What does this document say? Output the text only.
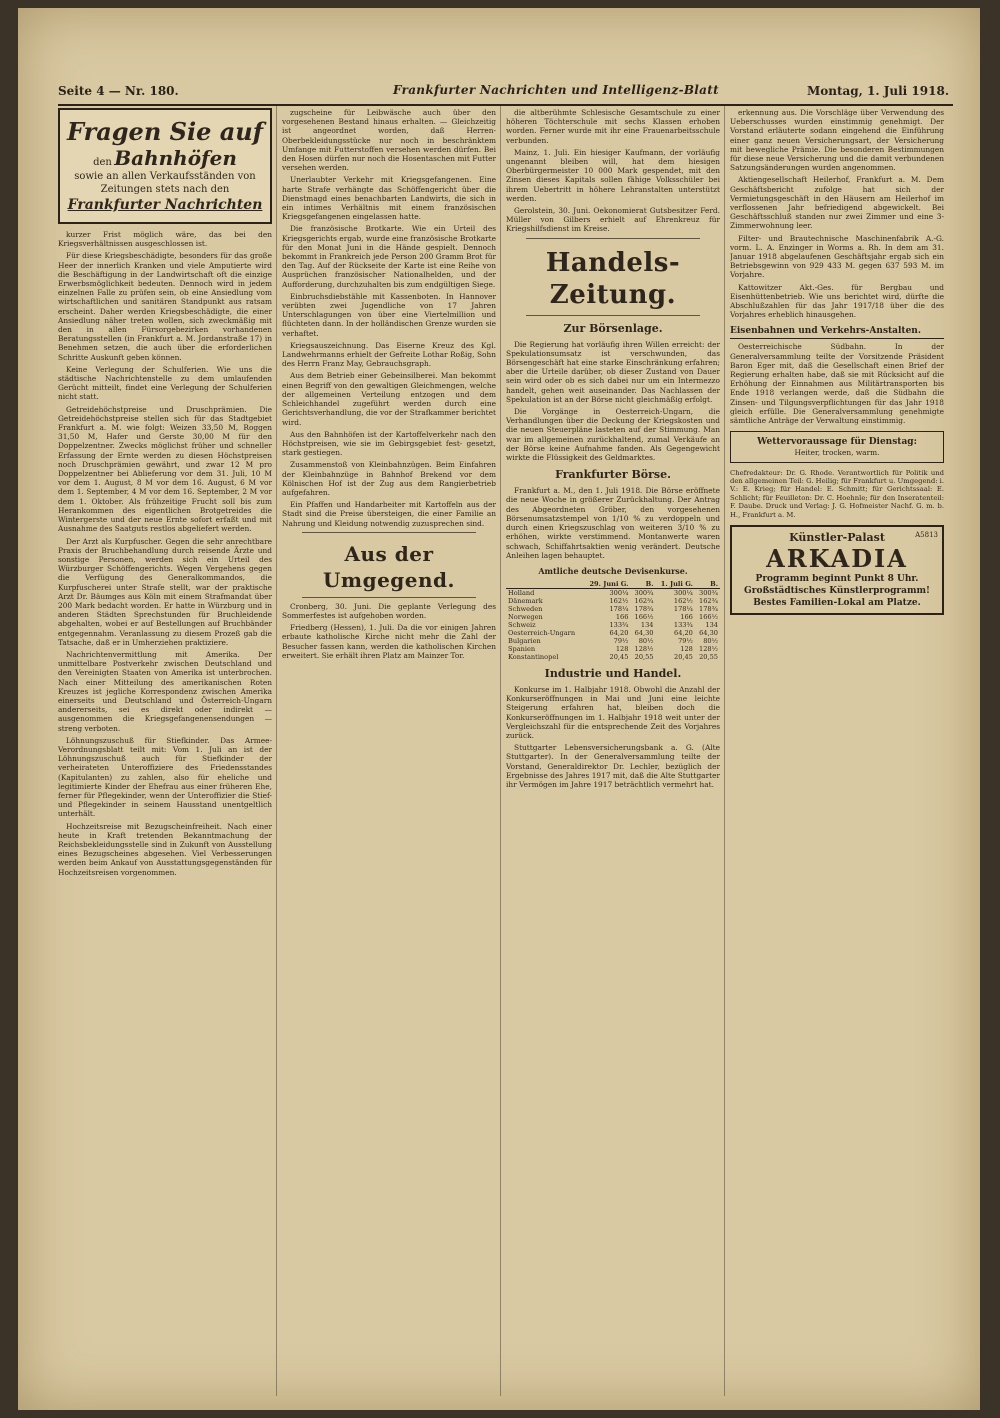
Seite 4 — Nr. 180.	Frankfurter Nachrichten und Intelligenz-Blatt	Montag, 1. Juli 1918.
Fragen Sie auf
den Bahnhöfen
sowie an allen Verkaufsständen von Zeitungen stets nach den
Frankfurter Nachrichten

kurzer Frist möglich wäre, das bei den Kriegsverhältnissen ausgeschlossen ist.

Für diese Kriegsbeschädigte, besonders für das große Heer der innerlich Kranken und viele Amputierte wird die Beschäftigung in der Landwirtschaft oft die einzige Erwerbsmöglichkeit bedeuten. Dennoch wird in jedem einzelnen Falle zu prüfen sein, ob eine Ansiedlung vom wirtschaftlichen und sanitären Standpunkt aus ratsam erscheint. Daher werden Kriegsbeschädigte, die einer Ansiedlung näher treten wollen, sich zweckmäßig mit den in allen Fürsorgebezirken vorhandenen Beratungsstellen (in Frankfurt a. M. Jordanstraße 17) in Benehmen setzen, die auch über die erforderlichen Schritte Auskunft geben können.

Keine Verlegung der Schulferien. Wie uns die städtische Nachrichtenstelle zu dem umlaufenden Gerücht mitteilt, findet eine Verlegung der Schulferien nicht statt.

Getreidehöchstpreise und Druschprämien. Die Getreidehöchstpreise stellen sich für das Stadtgebiet Frankfurt a. M. wie folgt: Weizen 33,50 M, Roggen 31,50 M, Hafer und Gerste 30,00 M für den Doppelzentner. Zwecks möglichst früher und schneller Erfassung der Ernte werden zu diesen Höchstpreisen noch Druschprämien gewährt, und zwar 12 M pro Doppelzentner bei Ablieferung vor dem 31. Juli, 10 M vor dem 1. August, 8 M vor dem 16. August, 6 M vor dem 1. September, 4 M vor dem 16. September, 2 M vor dem 1. Oktober. Als frühzeitige Frucht soll bis zum Herankommen des eigentlichen Brotgetreides die Wintergerste und der neue Ernte sofort erfaßt und mit Ausnahme des Saatguts restlos abgeliefert werden.

Der Arzt als Kurpfuscher. Gegen die sehr anrechtbare Praxis der Bruchbehandlung durch reisende Ärzte und sonstige Personen, werden sich ein Urteil des Würzburger Schöffengerichts. Wegen Vergehens gegen die Verfügung des Generalkommandos, die Kurpfuscherei unter Strafe stellt, war der praktische Arzt Dr. Bäumges aus Köln mit einem Strafmandat über 200 Mark bedacht worden. Er hatte in Würzburg und in anderen Städten Sprechstunden für Bruchleidende abgehalten, wobei er auf Bestellungen auf Bruchbänder entgegennahm. Veranlassung zu diesem Prozeß gab die Tatsache, daß er in Umherziehen praktiziere.

Nachrichtenvermittlung mit Amerika. Der unmittelbare Postverkehr zwischen Deutschland und den Vereinigten Staaten von Amerika ist unterbrochen. Nach einer Mitteilung des amerikanischen Roten Kreuzes ist jegliche Korrespondenz zwischen Amerika einerseits und Deutschland und Österreich-Ungarn andererseits, sei es direkt oder indirekt — ausgenommen die Kriegsgefangenensendungen — streng verboten.

Löhnungszuschuß für Stiefkinder. Das Armee-Verordnungsblatt teilt mit: Vom 1. Juli an ist der Löhnungszuschuß auch für Stiefkinder der verheirateten Unteroffiziere des Friedensstandes (Kapitulanten) zu zahlen, also für eheliche und legitimierte Kinder der Ehefrau aus einer früheren Ehe, ferner für Pflegekinder, wenn der Unteroffizier die Stief- und Pflegekinder in seinem Hausstand unentgeltlich unterhält.

Hochzeitsreise mit Bezugscheinfreiheit. Nach einer heute in Kraft tretenden Bekanntmachung der Reichsbekleidungsstelle sind in Zukunft von Ausstellung eines Bezugscheines abgesehen. Viel Verbesserungen werden beim Ankauf von Ausstattungsgegenständen für Hochzeitsreisen vorgenommen.

zugscheine für Leibwäsche auch über den vorgesehenen Bestand hinaus erhalten. — Gleichzeitig ist angeordnet worden, daß Herren-Oberbekleidungsstücke nur noch in beschränktem Umfange mit Futterstoffen versehen werden dürfen. Bei den Hosen dürfen nur noch die Hosentaschen mit Futter versehen werden.

Unerlaubter Verkehr mit Kriegsgefangenen. Eine harte Strafe verhängte das Schöffengericht über die Dienstmagd eines benachbarten Landwirts, die sich in ein intimes Verhältnis mit einem französischen Kriegsgefangenen eingelassen hatte.

Die französische Brotkarte. Wie ein Urteil des Kriegsgerichts ergab, wurde eine französische Brotkarte für den Monat Juni in die Hände gespielt. Dennoch bekommt in Frankreich jede Person 200 Gramm Brot für den Tag. Auf der Rückseite der Karte ist eine Reihe von Ausprüchen französischer Nationalhelden, und der Aufforderung, durchzuhalten bis zum endgültigen Siege.

Einbruchsdiebstähle mit Kassenboten. In Hannover verübten zwei Jugendliche von 17 Jahren Unterschlagungen von über eine Viertelmillion und flüchteten dann. In der holländischen Grenze wurden sie verhaftet.

Kriegsauszeichnung. Das Eiserne Kreuz des Kgl. Landwehrmanns erhielt der Gefreite Lothar Roßig, Sohn des Herrn Franz May, Gebrauchsgraph.

Aus dem Betrieb einer Gebeinsilberei. Man bekommt einen Begriff von den gewaltigen Gleichmengen, welche der allgemeinen Verteilung entzogen und dem Schleichhandel zugeführt werden durch eine Gerichtsverhandlung, die vor der Strafkammer berichtet wird.

Aus den Bahnhöfen ist der Kartoffelverkehr nach den Höchstpreisen, wie sie im Gebirgsgebiet fest- gesetzt, stark gestiegen.

Zusammenstoß von Kleinbahnzügen. Beim Einfahren der Kleinbahnzüge in Bahnhof Brekend vor dem Kölnischen Hof ist der Zug aus dem Rangierbetrieb aufgefahren.

Ein Pfaffen und Handarbeiter mit Kartoffeln aus der Stadt sind die Preise übersteigen, die einer Familie an Nahrung und Kleidung notwendig zuzusprechen sind.

Aus der Umgegend.

Cronberg, 30. Juni. Die geplante Verlegung des Sommerfestes ist aufgehoben worden.

Friedberg (Hessen), 1. Juli. Da die vor einigen Jahren erbaute katholische Kirche nicht mehr die Zahl der Besucher fassen kann, werden die katholischen Kirchen erweitert. Sie erhält ihren Platz am Mainzer Tor.

die altberühmte Schlesische Gesamtschule zu einer höheren Töchterschule mit sechs Klassen erhoben worden. Ferner wurde mit ihr eine Frauenarbeitsschule verbunden.

Mainz, 1. Juli. Ein hiesiger Kaufmann, der vorläufig ungenannt bleiben will, hat dem hiesigen Oberbürgermeister 10 000 Mark gespendet, mit den Zinsen dieses Kapitals sollen fähige Volksschüler bei ihrem Uebertritt in höhere Lehranstalten unterstützt werden.

Gerolstein, 30. Juni. Oekonomierat Gutsbesitzer Ferd. Müller von Gilbers erhielt auf Ehrenkreuz für Kriegshilfsdienst im Kreise.

Handels-Zeitung.
Zur Börsenlage.

Die Regierung hat vorläufig ihren Willen erreicht: der Spekulationsumsatz ist verschwunden, das Börsengeschäft hat eine starke Einschränkung erfahren; aber die Urteile darüber, ob dieser Zustand von Dauer sein wird oder ob es sich dabei nur um ein Intermezzo handelt, gehen weit auseinander. Das Nachlassen der Spekulation ist an der Börse nicht gleichmäßig erfolgt.

Die Vorgänge in Oesterreich-Ungarn, die Verhandlungen über die Deckung der Kriegskosten und die neuen Steuerpläne lasteten auf der Stimmung. Man war im allgemeinen zurückhaltend, zumal Verkäufe an der Börse keine Aufnahme fanden. Als Gegengewicht wirkte die Flüssigkeit des Geldmarktes.

Frankfurter Börse.

Frankfurt a. M., den 1. Juli 1918. Die Börse eröffnete die neue Woche in größerer Zurückhaltung. Der Antrag des Abgeordneten Gröber, den vorgesehenen Börsenumsatzstempel von 1/10 % zu verdoppeln und durch einen Kriegszuschlag von weiteren 3/10 % zu erhöhen, wirkte verstimmend. Montanwerte waren schwach, Schiffahrtsaktien wenig verändert. Deutsche Anleihen lagen behauptet.

Amtliche deutsche Devisenkurse.
	29. Juni G.	B.	1. Juli G.	B.
Holland	300¼	300¾	300¼	300¾
Dänemark	162½	162¾	162½	162¾
Schweden	178¼	178¾	178¼	178¾
Norwegen	166	166½	166	166½
Schweiz	133¾	134	133¾	134
Oesterreich-Ungarn	64,20	64,30	64,20	64,30
Bulgarien	79½	80½	79½	80½
Spanien	128	128½	128	128½
Konstantinopel	20,45	20,55	20,45	20,55
Industrie und Handel.

Konkurse im 1. Halbjahr 1918. Obwohl die Anzahl der Konkurseröffnungen in Mai und Juni eine leichte Steigerung erfahren hat, bleiben doch die Konkurseröffnungen im 1. Halbjahr 1918 weit unter der Vergleichszahl für die entsprechende Zeit des Vorjahres zurück.

Stuttgarter Lebensversicherungsbank a. G. (Alte Stuttgarter). In der Generalversammlung teilte der Vorstand, Generaldirektor Dr. Lechler, bezüglich der Ergebnisse des Jahres 1917 mit, daß die Alte Stuttgarter ihr Vermögen im Jahre 1917 beträchtlich vermehrt hat.

erkennung aus. Die Vorschläge über Verwendung des Ueberschusses wurden einstimmig genehmigt. Der Vorstand erläuterte sodann eingehend die Einführung einer ganz neuen Versicherungsart, der Versicherung mit bewegliche Prämie. Die besonderen Bestimmungen für diese neue Versicherung und die damit verbundenen Satzungsänderungen wurden angenommen.

Aktiengesellschaft Heilerhof, Frankfurt a. M. Dem Geschäftsbericht zufolge hat sich der Vermietungsgeschäft in den Häusern am Heilerhof im verflossenen Jahr befriedigend abgewickelt. Bei Geschäftsschluß standen nur zwei Zimmer und eine 3-Zimmerwohnung leer.

Filter- und Brautechnische Maschinenfabrik A.-G. vorm. L. A. Enzinger in Worms a. Rh. In dem am 31. Januar 1918 abgelaufenen Geschäftsjahr ergab sich ein Betriebsgewinn von 929 433 M. gegen 637 593 M. im Vorjahre.

Kattowitzer Akt.-Ges. für Bergbau und Eisenhüttenbetrieb. Wie uns berichtet wird, dürfte die Abschlußzahlen für das Jahr 1917/18 über die des Vorjahres erheblich hinausgehen.

Eisenbahnen und Verkehrs-Anstalten.

Oesterreichische Südbahn. In der Generalversammlung teilte der Vorsitzende Präsident Baron Eger mit, daß die Gesellschaft einen Brief der Regierung erhalten habe, daß sie mit Rücksicht auf die Erhöhung der Einnahmen aus Militärtransporten bis Ende 1918 verlangen werde, daß die Südbahn die Zinsen- und Tilgungsverpflichtungen für das Jahr 1918 gleich erfülle. Die Generalversammlung genehmigte sämtliche Anträge der Verwaltung einstimmig.

Wettervoraussage für Dienstag:
Heiter, trocken, warm.
Chefredakteur: Dr. G. Rhode. Verantwortlich für Politik und den allgemeinen Teil: G. Heilig; für Frankfurt u. Umgegend: i. V.: E. Krieg; für Handel: E. Schmitt; für Gerichtssaal: E. Schlicht; für Feuilleton: Dr. C. Hoehnle; für den Inseratenteil: F. Daube. Druck und Verlag: J. G. Hofmeister Nachf. G. m. b. H., Frankfurt a. M.
A5813
Künstler-Palast
ARKADIA
Programm beginnt Punkt 8 Uhr.
Großstädtisches Künstlerprogramm!
Bestes Familien-Lokal am Platze.
